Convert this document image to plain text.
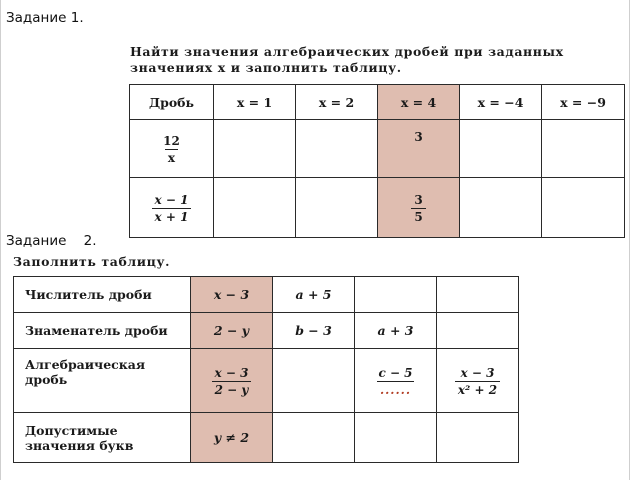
Задание 1.
Найти значения алгебраических дробей при заданных значениях x и заполнить таблицу.
Дробь	x = 1	x = 2	x = 4	x = −4	x = −9

$\frac{12}{x}$			3		

$\frac{x - 1}{x + 1}$			$\frac{3}{5}$

Задание    2.
Заполнить таблицу.
Числитель дроби	x − 3	a + 5		
Знаменатель дроби	2 − y	b − 3	a + 3	
Алгебраическая дробь	$\frac{x - 3}{2 - y}$		$\frac{c - 5}{......}$	$\frac{x - 3}{\text{x² + 2}}$

Допустимые значения букв	y ≠ 2			
